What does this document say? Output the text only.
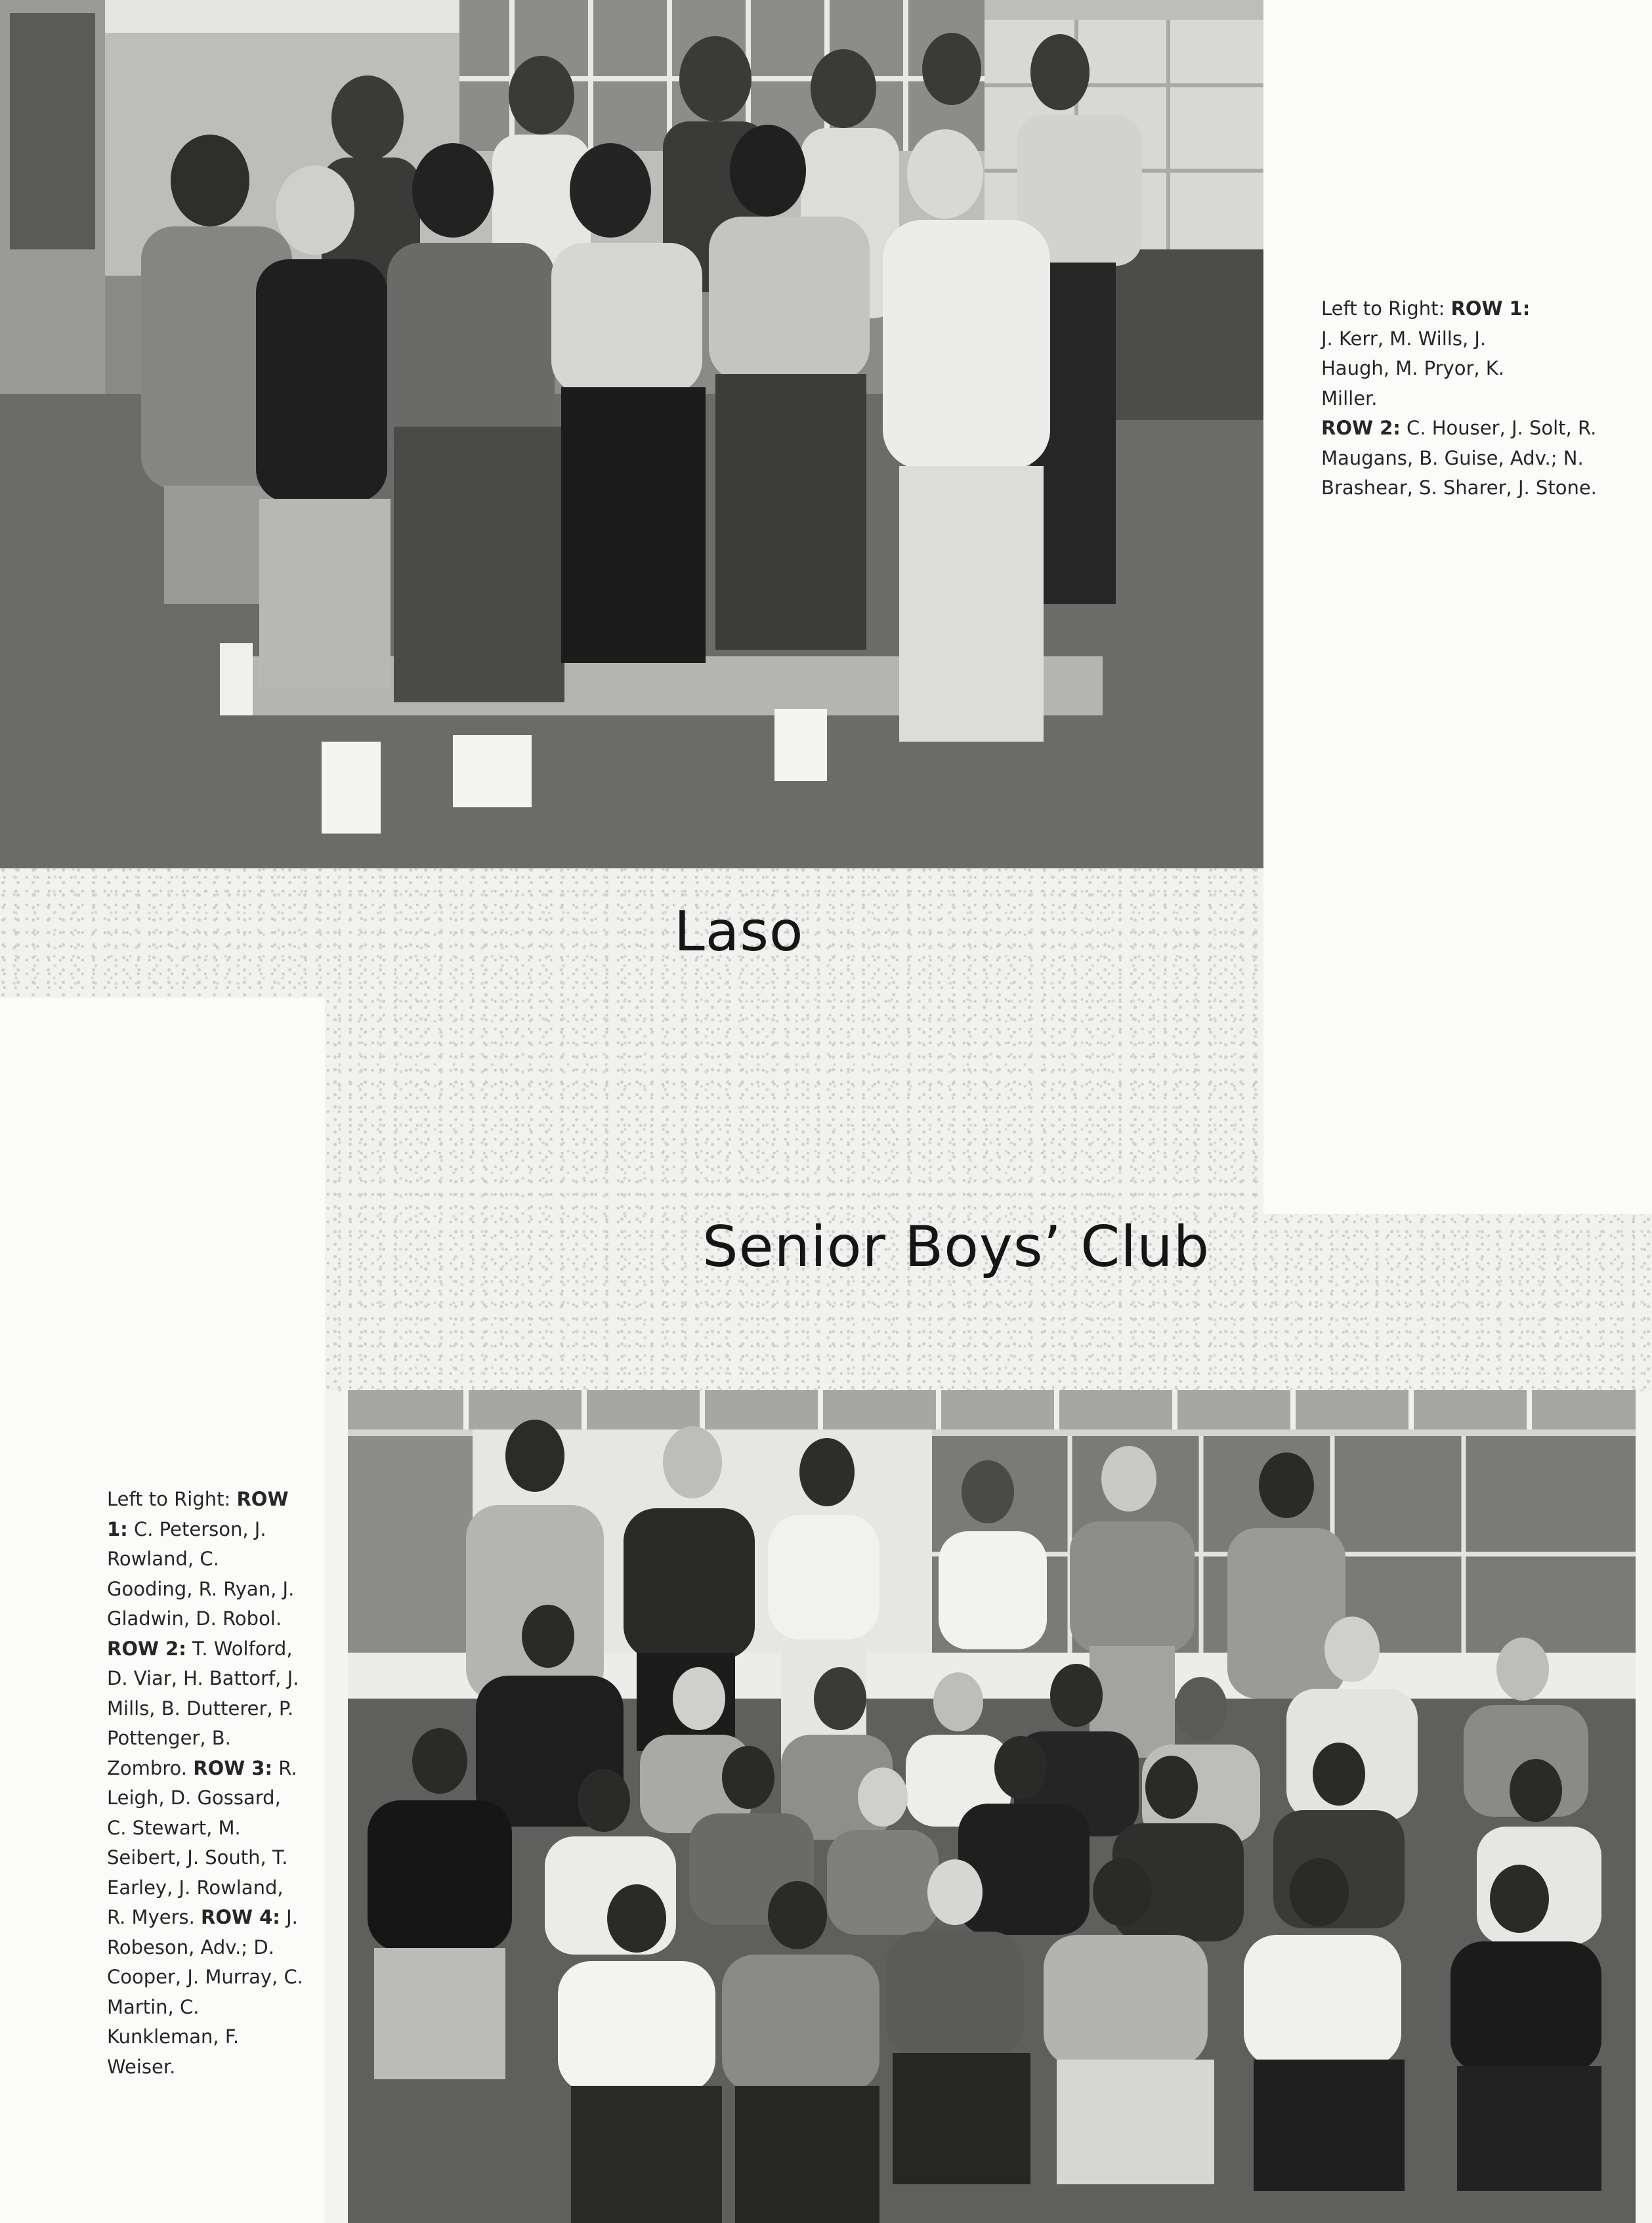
Left to Right: ROW 1:
J. Kerr, M. Wills, J. Haugh, M. Pryor, K. Miller.
ROW 2: C. Houser, J. Solt, R. Maugans, B. Guise, Adv.; N. Brashear, S. Sharer, J. Stone.
Laso
Senior Boys’ Club
Left to Right: ROW 1: C. Peterson, J. Rowland, C. Gooding, R. Ryan, J. Gladwin, D. Robol. ROW 2: T. Wolford, D. Viar, H. Battorf, J. Mills, B. Dutterer, P. Pottenger, B. Zombro. ROW 3: R. Leigh, D. Gossard, C. Stewart, M. Seibert, J. South, T. Earley, J. Rowland, R. Myers. ROW 4: J. Robeson, Adv.; D. Cooper, J. Murray, C. Martin, C. Kunkleman, F. Weiser.
